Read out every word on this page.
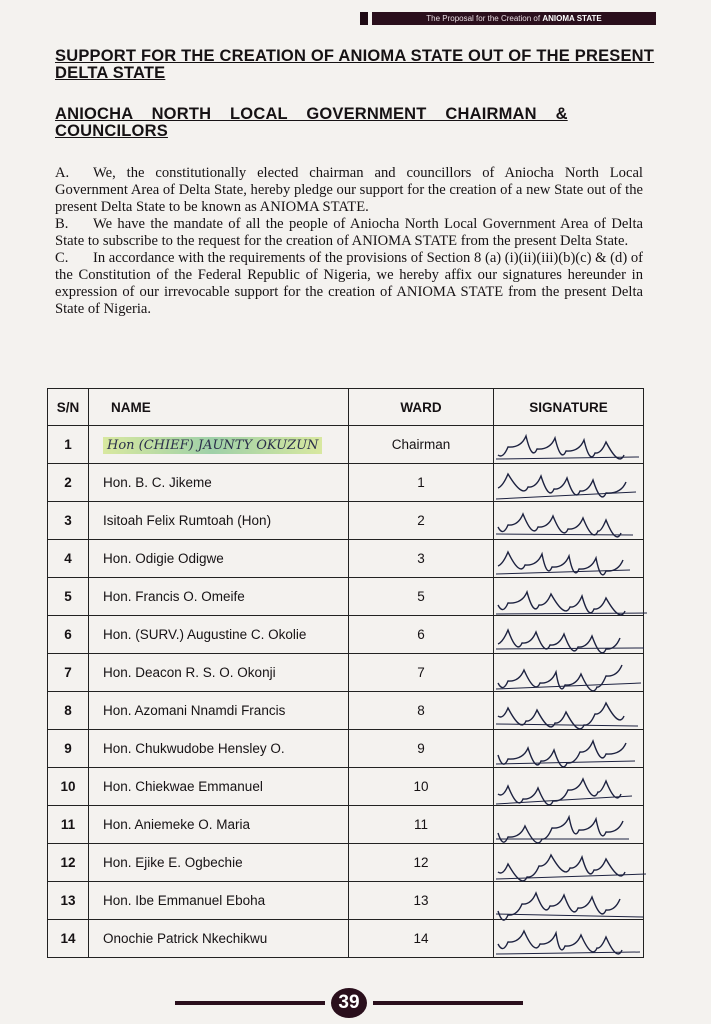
The Proposal for the Creation of ANIOMA STATE
SUPPORT FOR THE CREATION OF ANIOMA STATE OUT OF THE PRESENT DELTA STATE
ANIOCHA NORTH LOCAL GOVERNMENT CHAIRMAN & COUNCILORS

A. We, the constitutionally elected chairman and councillors of Aniocha North Local Government Area of Delta State, hereby pledge our support for the creation of a new State out of the present Delta State to be known as ANIOMA STATE.

B. We have the mandate of all the people of Aniocha North Local Government Area of Delta State to subscribe to the request for the creation of ANIOMA STATE from the present Delta State.

C. In accordance with the requirements of the provisions of Section 8 (a) (i)(ii)(iii)(b)(c) & (d) of the Constitution of the Federal Republic of Nigeria, we hereby affix our signatures hereunder in expression of our irrevocable support for the creation of ANIOMA STATE from the present Delta State of Nigeria.

S/N	NAME	WARD	SIGNATURE
1	Hon (CHIEF) JAUNTY OKUZUN	Chairman	

2	Hon. B. C. Jikeme	1	

3	Isitoah Felix Rumtoah (Hon)	2	

4	Hon. Odigie Odigwe	3	

5	Hon. Francis O. Omeife	5	

6	Hon. (SURV.) Augustine C. Okolie	6	

7	Hon. Deacon R. S. O. Okonji	7	

8	Hon. Azomani Nnamdi Francis	8	

9	Hon. Chukwudobe Hensley O.	9	

10	Hon. Chiekwae Emmanuel	10	

11	Hon. Aniemeke O. Maria	11	

12	Hon. Ejike E. Ogbechie	12	

13	Hon. Ibe Emmanuel Eboha	13	

14	Onochie Patrick Nkechikwu	14	
39
